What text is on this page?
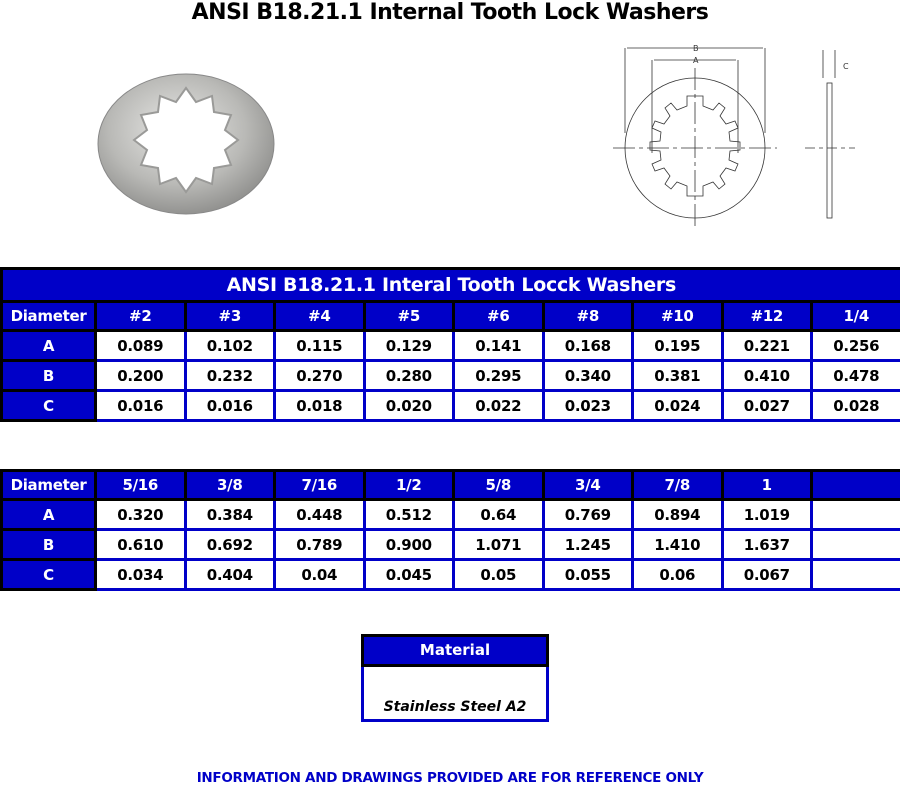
ANSI B18.21.1 Internal Tooth Lock Washers
B
A
C
ANSI B18.21.1 Interal Tooth Locck Washers									
Diameter	#2	#3	#4	#5	#6	#8	#10	#12	1/4
A	0.089	0.102	0.115	0.129	0.141	0.168	0.195	0.221	0.256
B	0.200	0.232	0.270	0.280	0.295	0.340	0.381	0.410	0.478
C	0.016	0.016	0.018	0.020	0.022	0.023	0.024	0.027	0.028
Diameter	5/16	3/8	7/16	1/2	5/8	3/4	7/8	1	
A	0.320	0.384	0.448	0.512	0.64	0.769	0.894	1.019	
B	0.610	0.692	0.789	0.900	1.071	1.245	1.410	1.637	
C	0.034	0.404	0.04	0.045	0.05	0.055	0.06	0.067	
Material
Stainless Steel A2
INFORMATION AND DRAWINGS PROVIDED ARE FOR REFERENCE ONLY
